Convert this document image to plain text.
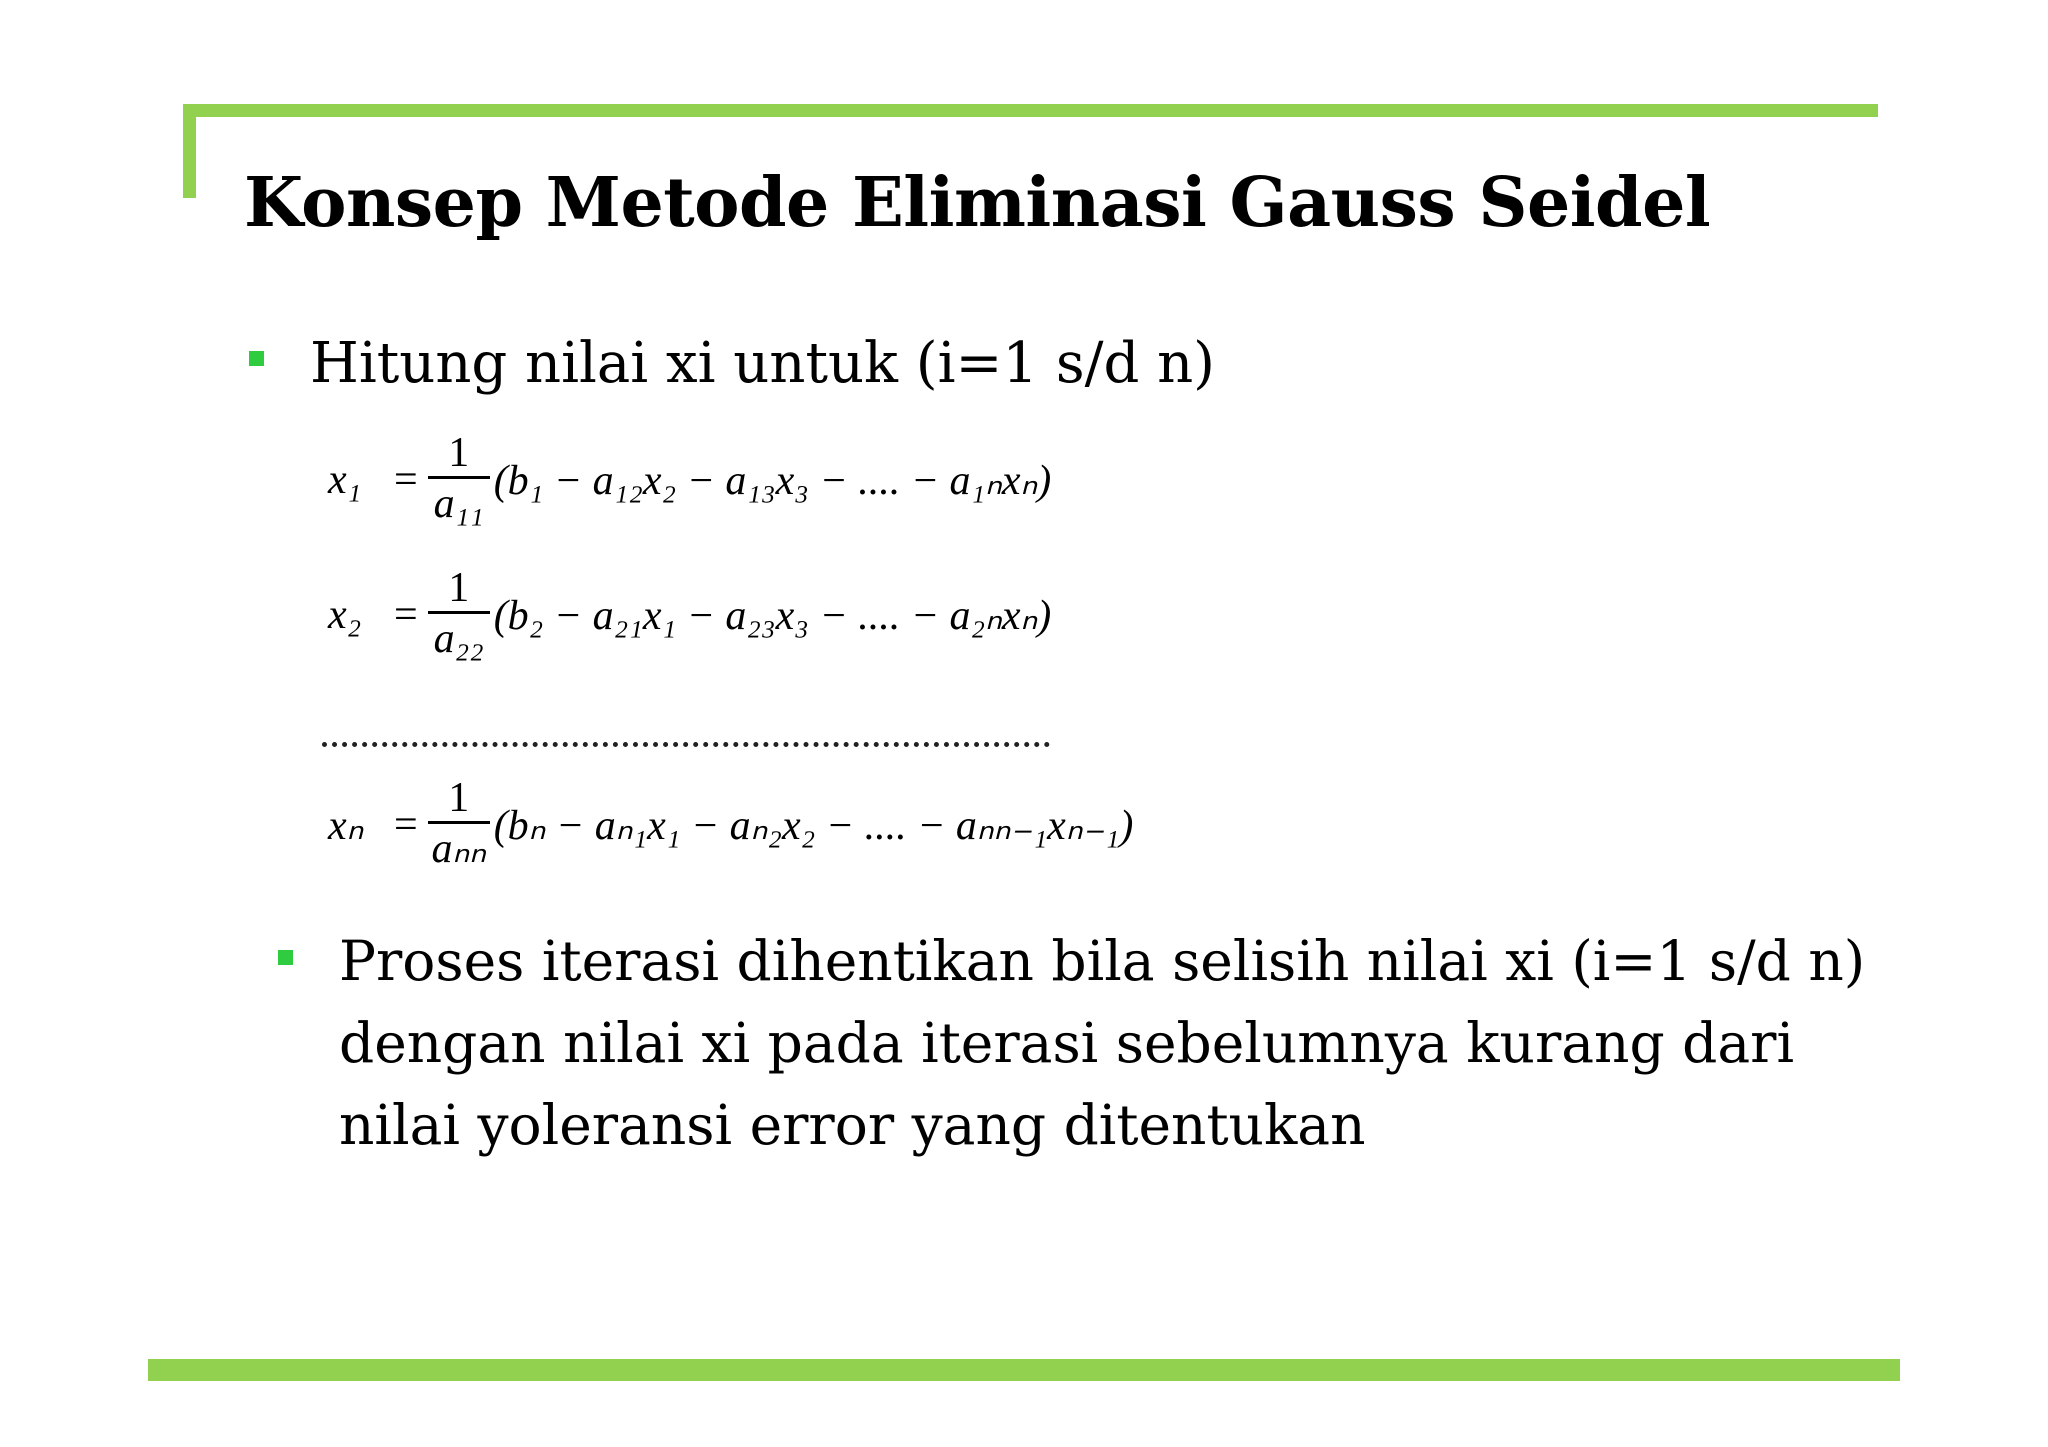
Konsep Metode Eliminasi Gauss Seidel
Hitung nilai xi untuk (i=1 s/d n)
$x_1 = \frac{1}{\text{a₁₁}} (b_1 - a_{12}x_2 - a_{13}x_3$ − .... − a₁ₙxₙ)
$x_2 = \frac{1}{\text{a₂₂}} (b_2 - a_{21}x_1 - a_{23}x_3$ − .... − a₂ₙxₙ)
$x_n = \frac{1}{\text{aₙₙ}} (b_n - a_{n1}x_1 - a_{n2}x_2$ − .... − aₙₙ₋₁xₙ₋₁)
Proses iterasi dihentikan bila selisih nilai xi (i=1 s/d n) dengan nilai xi pada iterasi sebelumnya kurang dari nilai yoleransi error yang ditentukan
